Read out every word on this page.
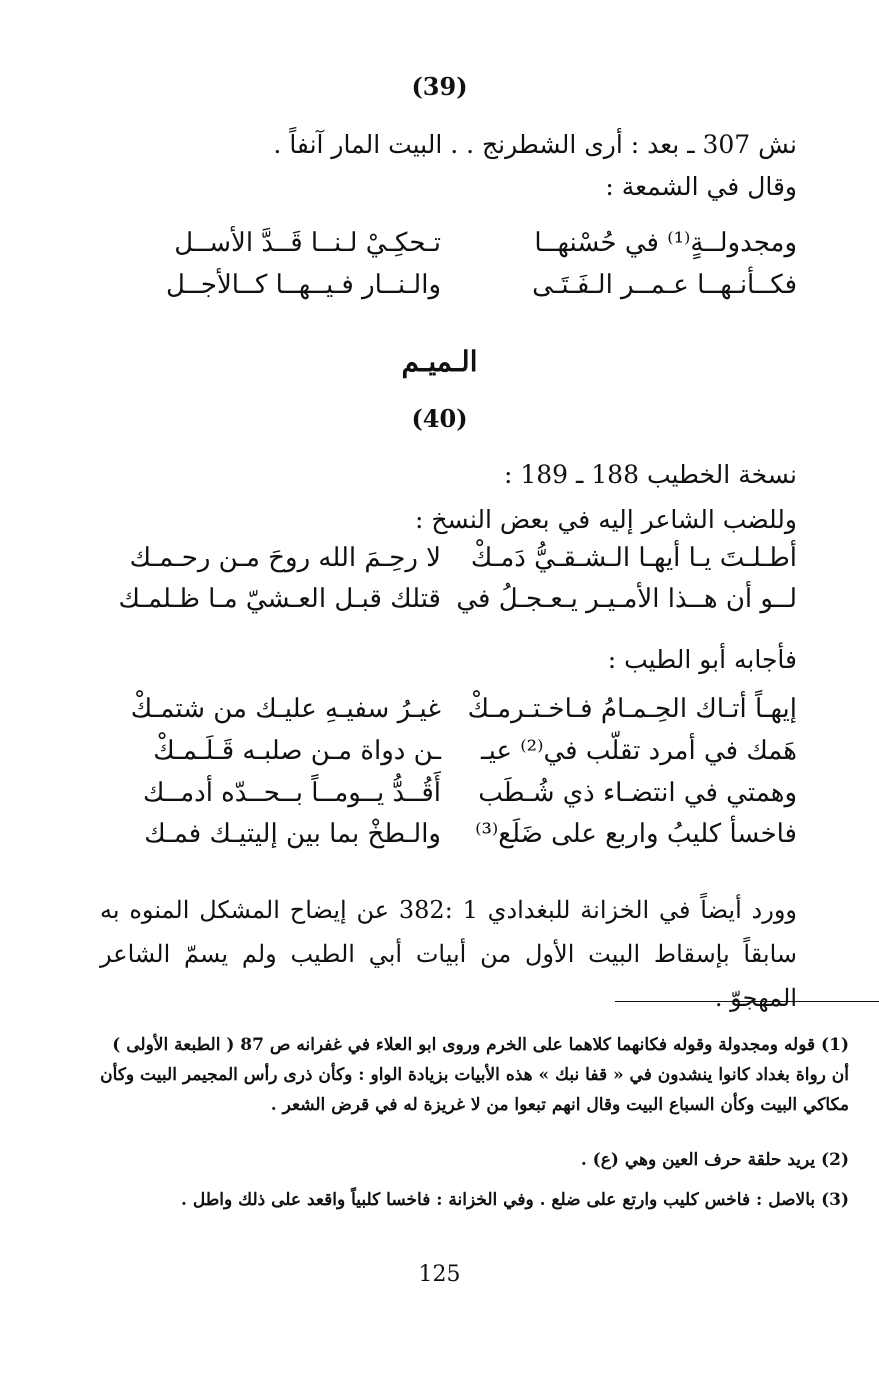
(39)
نش 307 ـ بعد : أرى الشطرنج . . البيت المار آنفاً .
وقال في الشمعة :
ومجدولــةٍ⁽¹⁾ في حُسْنهــا
تـحكِـيْ لـنــا قَــدَّ الأســل
فكــأنـهــا عـمــر الـفَـتَـى
والـنــار فـيــهــا كــالأجــل
الـميـم
(40)
نسخة الخطيب 188 ـ 189 :
وللضب الشاعر إليه في بعض النسخ :
أطـلـتَ يـا أيهـا الـشـقـيُّ دَمـكْ
لا رحِـمَ الله روحَ مـن رحـمـك
لــو أن هــذا الأمـيـر يـعـجـلُ في
قتلك قبـل العـشيّ مـا ظـلمـك
فأجابه أبو الطيب :
إيهـاً أتـاك الحِـمـامُ فـاخـتـرمـكْ
غيـرُ سفيـهِ عليـك من شتمـكْ
هَمك في أمرد تقلّب في⁽²⁾ عيـ
ـن دواة مـن صلبـه قَـلَـمـكْ
وهمتي في انتضـاء ذي شُـطَب
أَقُــدُّ يــومــاً بــحــدّه أدمــك
فاخسأ كليبُ واربع على ضَلَع⁽³⁾
والـطخْ بما بين إليتيـك فمـك
وورد أيضاً في الخزانة للبغدادي 1 :382 عن إيضاح المشكل المنوه به سابقاً بإسقاط البيت الأول من أبيات أبي الطيب ولم يسمّ الشاعر المهجوّ .
(1) قوله ومجدولة وقوله فكانهما كلاهما على الخرم وروى ابو العلاء في غفرانه ص 87 ( الطبعة الأولى ) أن رواة بغداد كانوا ينشدون في « قفا نبك » هذه الأبيات بزيادة الواو : وكأن ذرى رأس المجيمر البيت وكأن مكاكي البيت وكأن السباع البيت وقال انهم تبعوا من لا غريزة له في قرض الشعر .
(2) يريد حلقة حرف العين وهي (ع) .
(3) بالاصل : فاخس كليب وارتع على ضلع . وفي الخزانة : فاخسا كلبياً واقعد على ذلك واطل .
125
